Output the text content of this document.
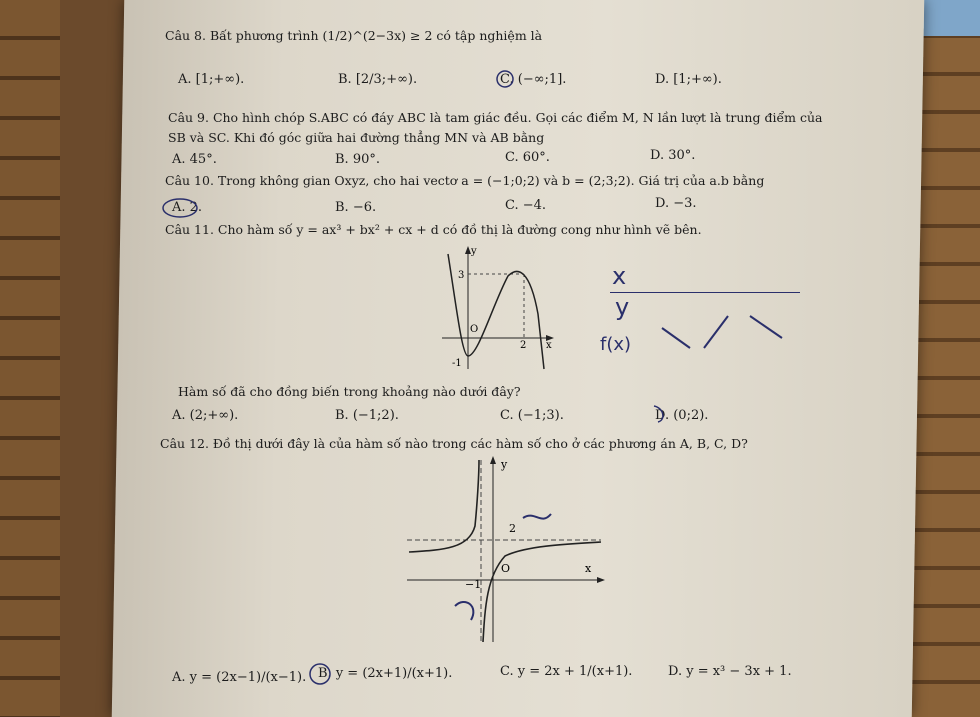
Câu 8. Bất phương trình (1/2)^(2−3x) ≥ 2 có tập nghiệm là
A. [1;+∞).	B. [2/3;+∞).	C. (−∞;1].	D. [1;+∞).
Câu 9. Cho hình chóp S.ABC có đáy ABC là tam giác đều. Gọi các điểm M, N lần lượt là trung điểm của
SB và SC. Khi đó góc giữa hai đường thẳng MN và AB bằng
A. 45°.	B. 90°.	C. 60°.	D. 30°.
Câu 10. Trong không gian Oxyz, cho hai vectơ a = (−1;0;2) và b = (2;3;2). Giá trị của a.b bằng
A. 2.	B. −6.	C. −4.	D. −3.
Câu 11. Cho hàm số y = ax³ + bx² + cx + d có đồ thị là đường cong như hình vẽ bên.
y
3
O
2 x
-1
x
y
f(x)
Hàm số đã cho đồng biến trong khoảng nào dưới đây?
A. (2;+∞).	B. (−1;2).	C. (−1;3).	D. (0;2).
Câu 12. Đồ thị dưới đây là của hàm số nào trong các hàm số cho ở các phương án A, B, C, D?
y
2
O	x
−1
A. y = (2x−1)/(x−1). B. y = (2x+1)/(x+1).	C. y = 2x + 1/(x+1).	D. y = x³ − 3x + 1.
